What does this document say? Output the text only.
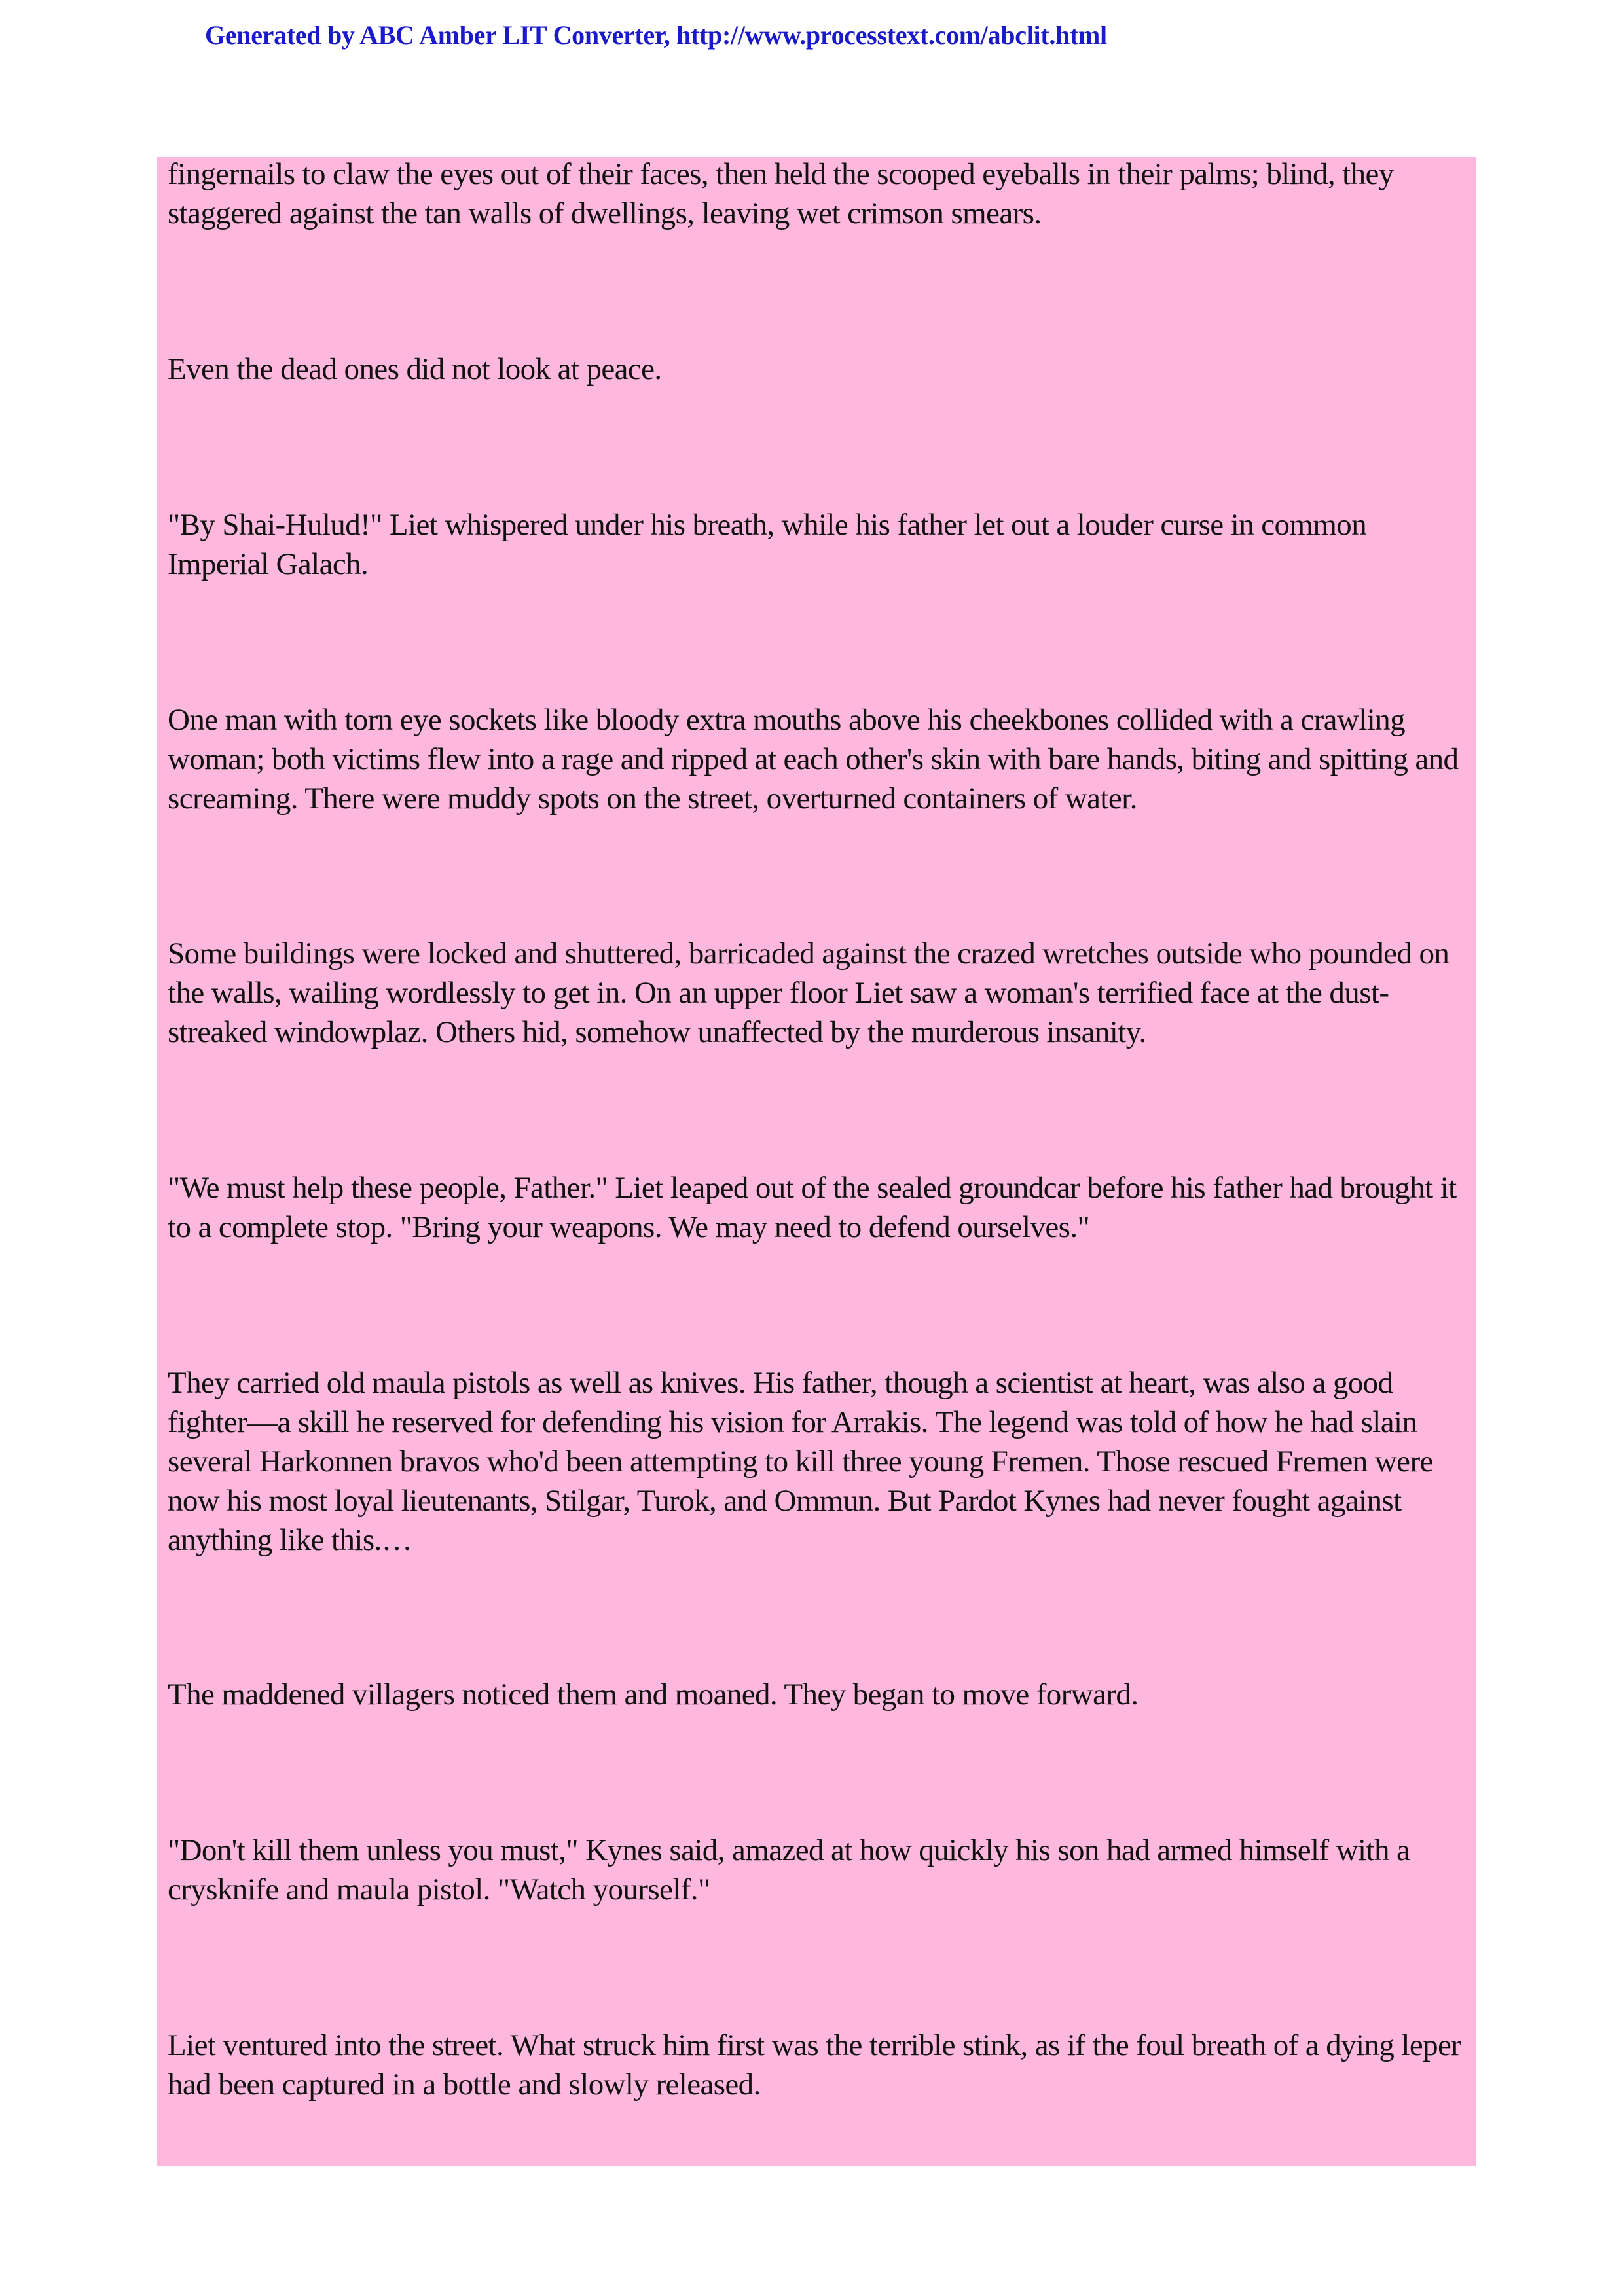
Generated by ABC Amber LIT Converter, http://www.processtext.com/abclit.html

fingernails to claw the eyes out of their faces, then held the scooped eyeballs in their palms; blind, they staggered against the tan walls of dwellings, leaving wet crimson smears.

Even the dead ones did not look at peace.

"By Shai-Hulud!" Liet whispered under his breath, while his father let out a louder curse in common Imperial Galach.

One man with torn eye sockets like bloody extra mouths above his cheekbones collided with a crawling woman; both victims flew into a rage and ripped at each other's skin with bare hands, biting and spitting and screaming. There were muddy spots on the street, overturned containers of water.

Some buildings were locked and shuttered, barricaded against the crazed wretches outside who pounded on the walls, wailing wordlessly to get in. On an upper floor Liet saw a woman's terrified face at the dust-streaked windowplaz. Others hid, somehow unaffected by the murderous insanity.

"We must help these people, Father." Liet leaped out of the sealed groundcar before his father had brought it to a complete stop. "Bring your weapons. We may need to defend ourselves."

They carried old maula pistols as well as knives. His father, though a scientist at heart, was also a good fighter—a skill he reserved for defending his vision for Arrakis. The legend was told of how he had slain several Harkonnen bravos who'd been attempting to kill three young Fremen. Those rescued Fremen were now his most loyal lieutenants, Stilgar, Turok, and Ommun. But Pardot Kynes had never fought against anything like this.…

The maddened villagers noticed them and moaned. They began to move forward.

"Don't kill them unless you must," Kynes said, amazed at how quickly his son had armed himself with a crysknife and maula pistol. "Watch yourself."

Liet ventured into the street. What struck him first was the terrible stink, as if the foul breath of a dying leper had been captured in a bottle and slowly released.
